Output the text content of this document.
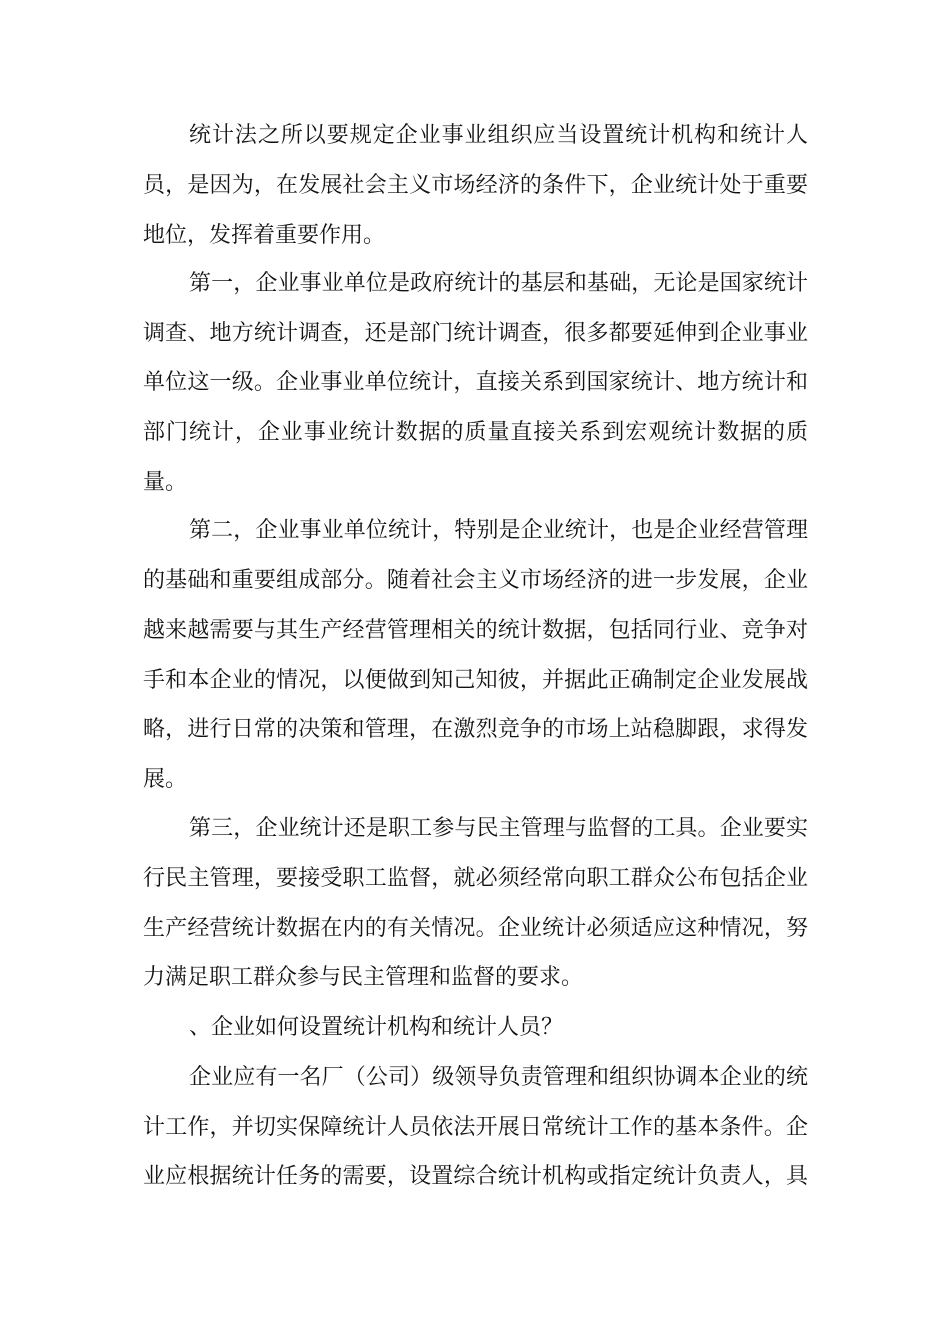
统计法之所以要规定企业事业组织应当设置统计机构和统计人
员，是因为，在发展社会主义市场经济的条件下，企业统计处于重要
地位，发挥着重要作用。
第一，企业事业单位是政府统计的基层和基础，无论是国家统计
调查、地方统计调查，还是部门统计调查，很多都要延伸到企业事业
单位这一级。企业事业单位统计，直接关系到国家统计、地方统计和
部门统计，企业事业统计数据的质量直接关系到宏观统计数据的质
量。
第二，企业事业单位统计，特别是企业统计，也是企业经营管理
的基础和重要组成部分。随着社会主义市场经济的进一步发展，企业
越来越需要与其生产经营管理相关的统计数据，包括同行业、竞争对
手和本企业的情况，以便做到知己知彼，并据此正确制定企业发展战
略，进行日常的决策和管理，在激烈竞争的市场上站稳脚跟，求得发
展。
第三，企业统计还是职工参与民主管理与监督的工具。企业要实
行民主管理，要接受职工监督，就必须经常向职工群众公布包括企业
生产经营统计数据在内的有关情况。企业统计必须适应这种情况，努
力满足职工群众参与民主管理和监督的要求。
、企业如何设置统计机构和统计人员？
企业应有一名厂（公司）级领导负责管理和组织协调本企业的统
计工作，并切实保障统计人员依法开展日常统计工作的基本条件。企
业应根据统计任务的需要，设置综合统计机构或指定统计负责人，具
